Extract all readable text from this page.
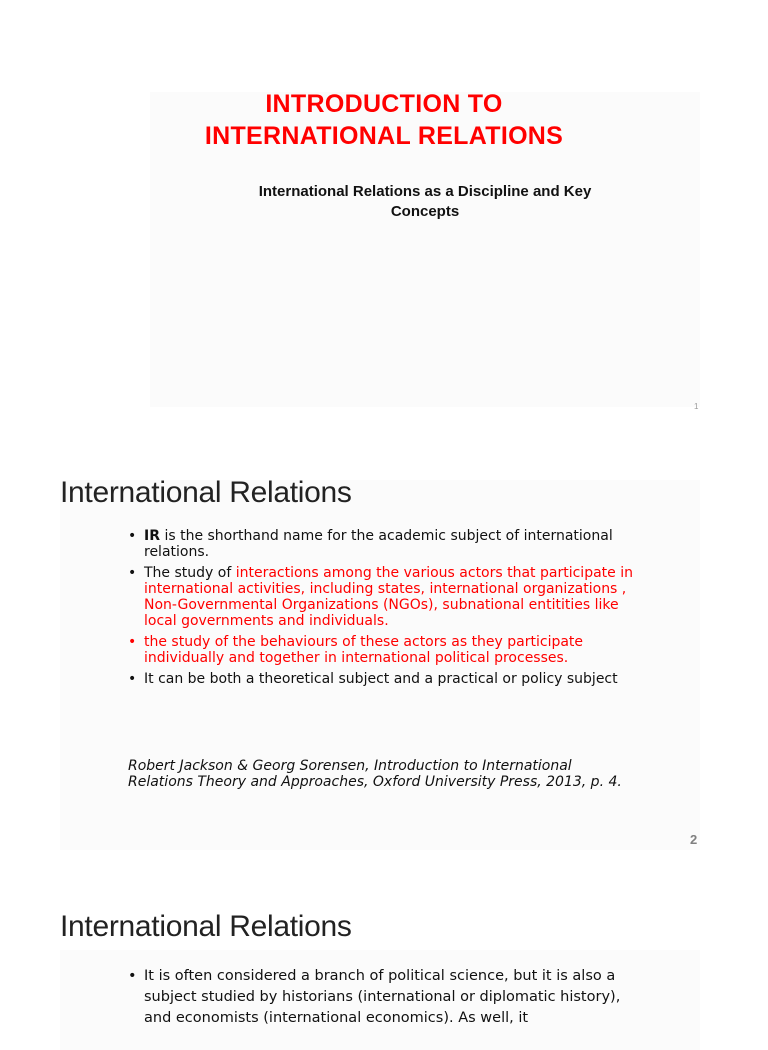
INTRODUCTION TO
INTERNATIONAL RELATIONS
International Relations as a Discipline and Key
Concepts
1
International Relations
• IR is the shorthand name for the academic subject of international relations.
• The study of interactions among the various actors that participate in international activities, including states, international organizations , Non-Governmental Organizations (NGOs), subnational entitities like local governments and individuals.
• the study of the behaviours of these actors as they participate individually and together in international political processes.
• It can be both a theoretical subject and a practical or policy subject
Robert Jackson & Georg Sorensen, Introduction to International Relations Theory and Approaches, Oxford University Press, 2013, p. 4.
2
International Relations
• It is often considered a branch of political science, but it is also a subject studied by historians (international or diplomatic history), and economists (international economics). As well, it
